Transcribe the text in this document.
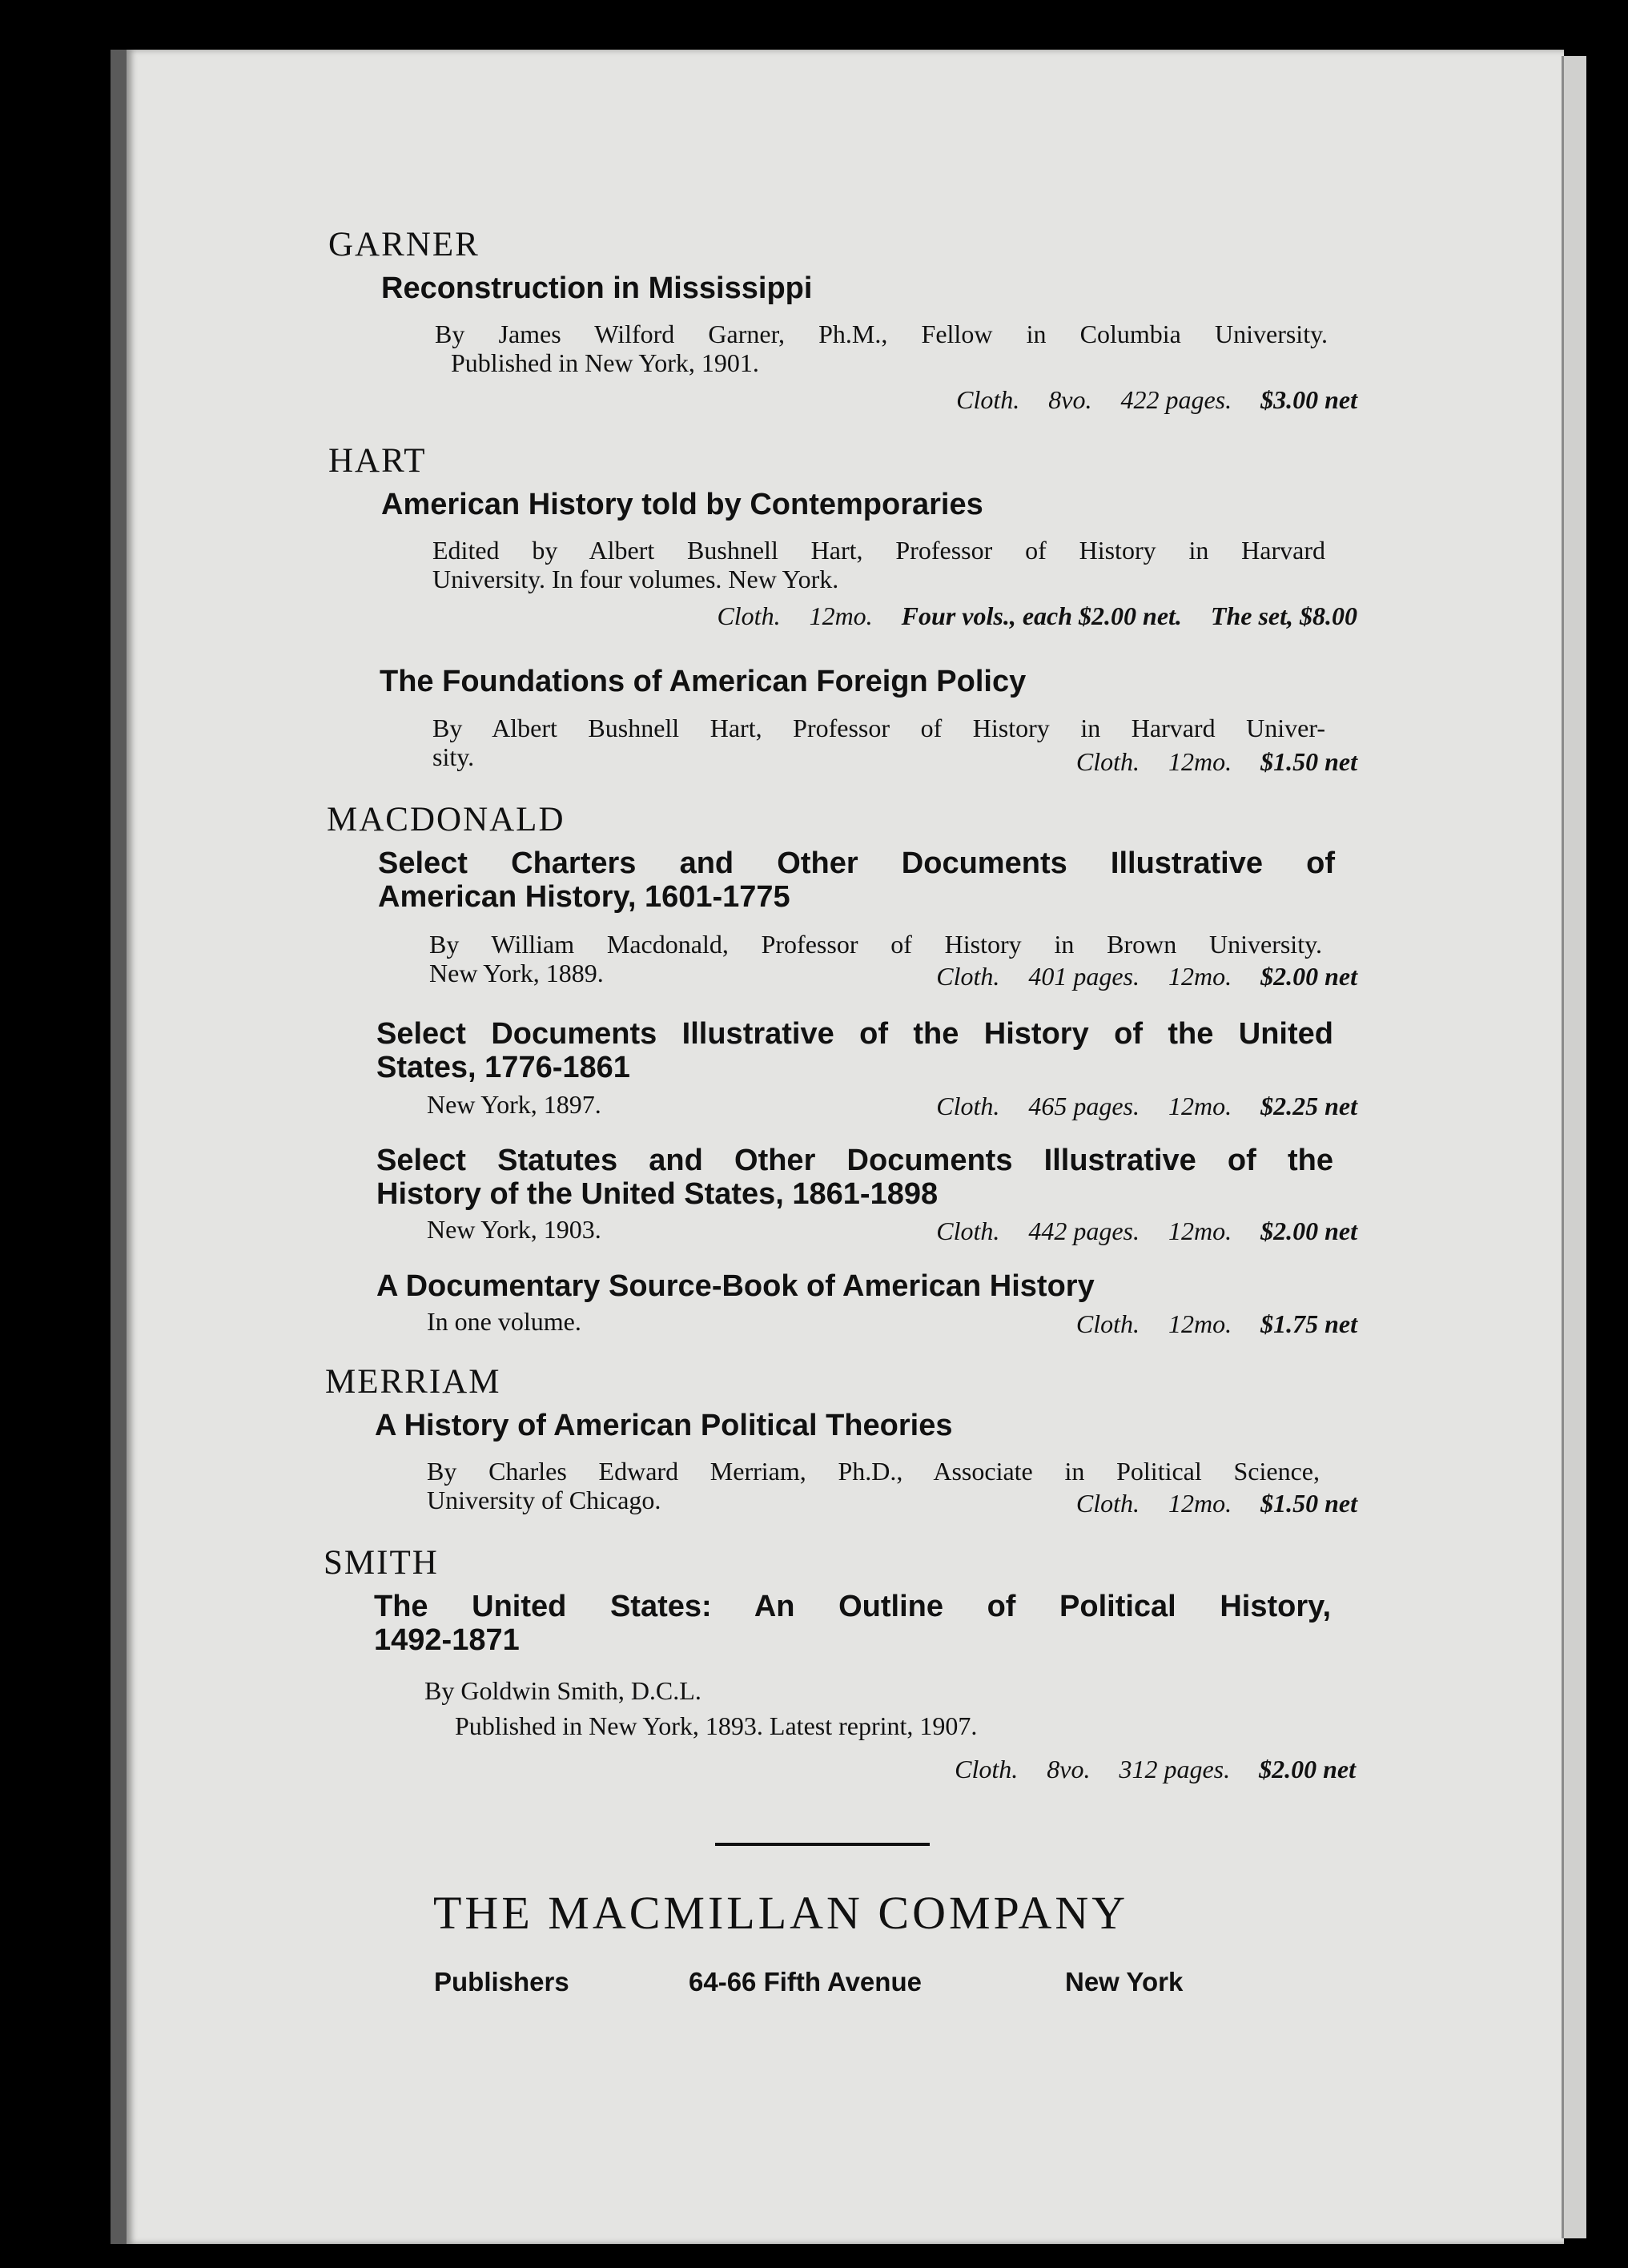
GARNER
Reconstruction in Mississippi
By James Wilford Garner, Ph.M., Fellow in Columbia University.
Published in New York, 1901.
Cloth. 8vo. 422 pages. $3.00 net
HART
American History told by Contemporaries
Edited by Albert Bushnell Hart, Professor of History in Harvard
University. In four volumes. New York.
Cloth. 12mo. Four vols., each $2.00 net. The set, $8.00
The Foundations of American Foreign Policy
By Albert Bushnell Hart, Professor of History in Harvard Univer-
sity.	Cloth. 12mo. $1.50 net
MACDONALD
Select Charters and Other Documents Illustrative of
American History, 1601-1775
By William Macdonald, Professor of History in Brown University.
New York, 1889.	Cloth. 401 pages. 12mo. $2.00 net
Select Documents Illustrative of the History of the United
States, 1776-1861
New York, 1897.	Cloth. 465 pages. 12mo. $2.25 net
Select Statutes and Other Documents Illustrative of the
History of the United States, 1861-1898
New York, 1903.	Cloth. 442 pages. 12mo. $2.00 net
A Documentary Source-Book of American History
In one volume.	Cloth. 12mo. $1.75 net
MERRIAM
A History of American Political Theories
By Charles Edward Merriam, Ph.D., Associate in Political Science,
University of Chicago.	Cloth. 12mo. $1.50 net
SMITH
The United States: An Outline of Political History,
1492-1871
By Goldwin Smith, D.C.L.
Published in New York, 1893. Latest reprint, 1907.
Cloth. 8vo. 312 pages. $2.00 net
THE MACMILLAN COMPANY
Publishers	64-66 Fifth Avenue	New York
